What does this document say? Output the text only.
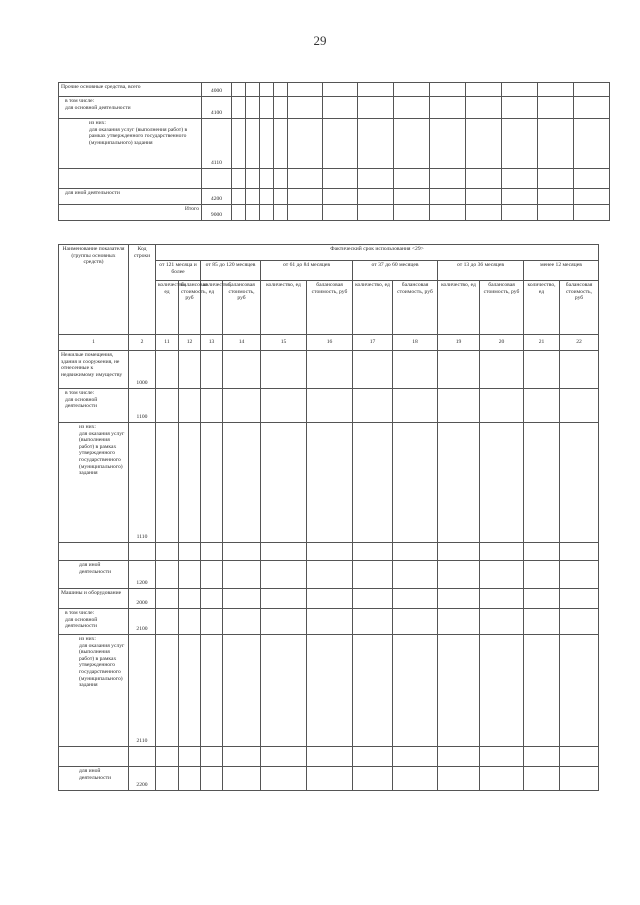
29
Прочие основные средства, всего	4000													
в том числе:
для основной деятельности	4100													
из них:
для оказания услуг (выполнения работ) в рамках утвержденного государственного (муниципального) задания	4110													

для иной деятельности	4200													
Итого	9000													
Наименование показателя (группы основных средств)	Код строки	Фактический срок использования <29>											
		от 121 месяца и более		от 85 до 120 месяцев		от 61 до 84 месяцев		от 37 до 60 месяцев		от 13 до 36 месяцев		менее 12 месяцев	
		количество, ед	балансовая стоимость, руб	количество, ед	балансовая стоимость, руб	количество, ед	балансовая стоимость, руб	количество, ед	балансовая стоимость, руб	количество, ед	балансовая стоимость, руб	количество, ед	балансовая стоимость, руб
1	2	11	12	13	14	15	16	17	18	19	20	21	22
Нежилые помещения, здания и сооружения, не отнесенные к недвижимому имуществу	1000												
в том числе:
для основной деятельности	1100												
из них:
для оказания услуг (выполнения работ) в рамках утвержденного государственного (муниципального) задания	1110												

для иной деятельности	1200												
Машины и оборудование	2000												
в том числе:
для основной деятельности	2100												
из них:
для оказания услуг (выполнения работ) в рамках утвержденного государственного (муниципального) задания	2110												

для иной деятельности	2200												
